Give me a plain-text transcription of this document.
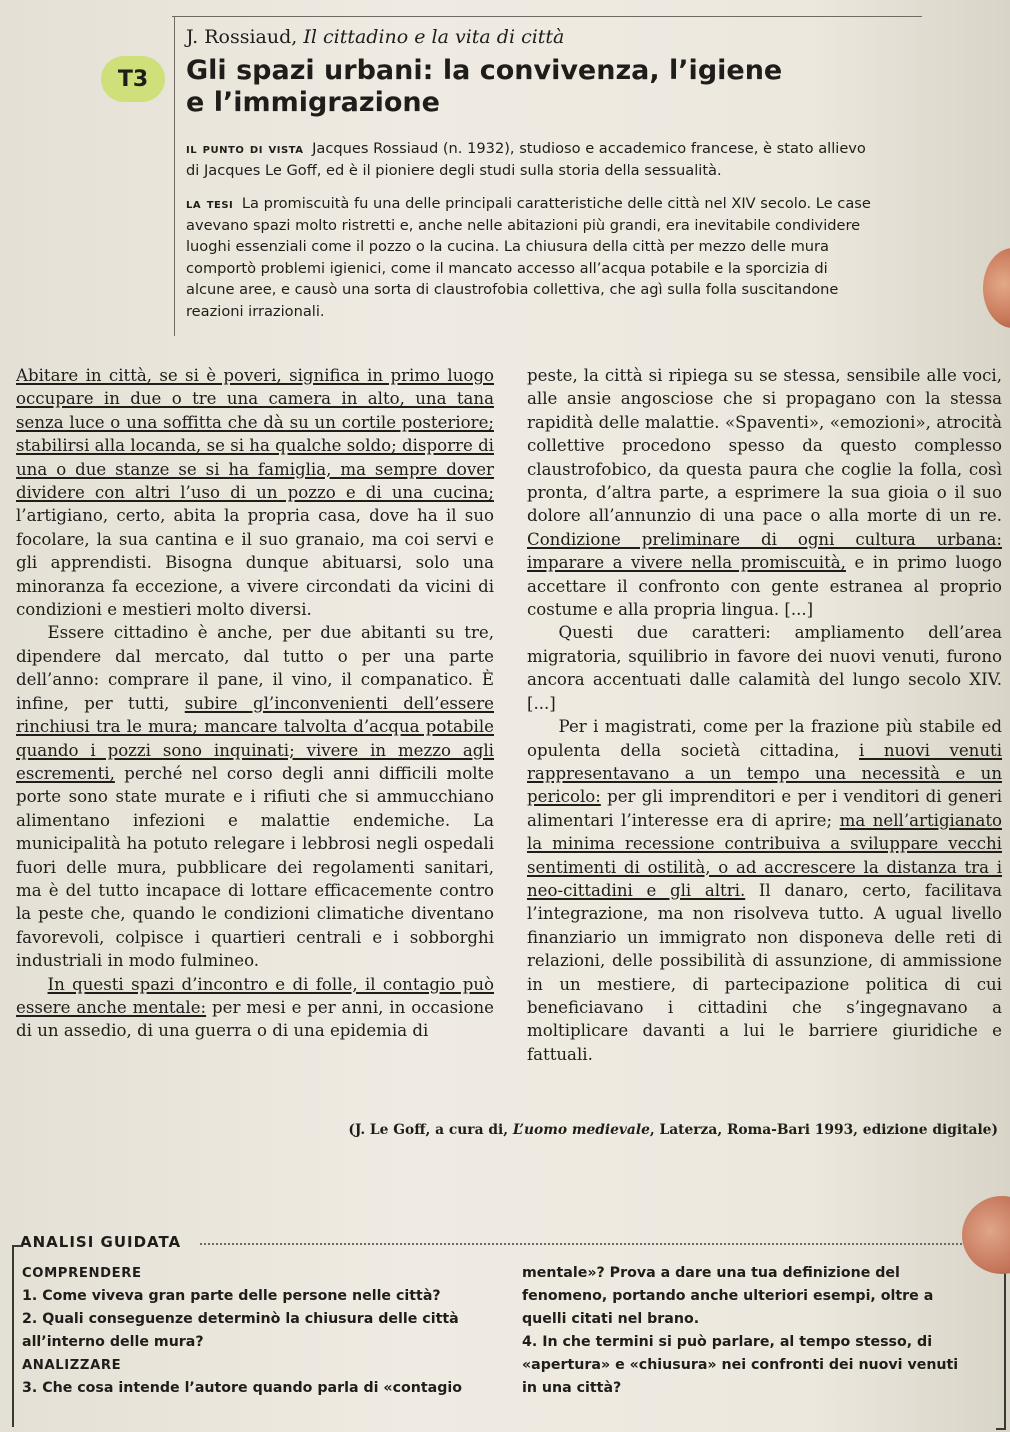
J. Rossiaud, Il cittadino e la vita di città
T3	Gli spazi urbani: la convivenza, l’igiene
e l’immigrazione
il punto di vista Jacques Rossiaud (n. 1932), studioso e accademico francese, è stato allievo di Jacques Le Goff, ed è il pioniere degli studi sulla storia della sessualità.
la tesi La promiscuità fu una delle principali caratteristiche delle città nel XIV secolo. Le case avevano spazi molto ristretti e, anche nelle abitazioni più grandi, era inevitabile condividere luoghi essenziali come il pozzo o la cucina. La chiusura della città per mezzo delle mura comportò problemi igienici, come il mancato accesso all’acqua potabile e la sporcizia di alcune aree, e causò una sorta di claustrofobia collettiva, che agì sulla folla suscitandone reazioni irrazionali.

Abitare in città, se si è poveri, significa in primo luogo occupare in due o tre una camera in alto, una tana senza luce o una soffitta che dà su un cortile posteriore; stabilirsi alla locanda, se si ha qualche soldo; disporre di una o due stanze se si ha famiglia, ma sempre dover dividere con altri l’uso di un pozzo e di una cucina; l’artigiano, certo, abita la propria casa, dove ha il suo focolare, la sua cantina e il suo granaio, ma coi servi e gli apprendisti. Bisogna dunque abituarsi, solo una minoranza fa eccezione, a vivere circondati da vicini di condizioni e mestieri molto diversi.

Essere cittadino è anche, per due abitanti su tre, dipendere dal mercato, dal tutto o per una parte dell’anno: comprare il pane, il vino, il companatico. È infine, per tutti, subire gl’inconvenienti dell’essere rinchiusi tra le mura; mancare talvolta d’acqua potabile quando i pozzi sono inquinati; vivere in mezzo agli escrementi, perché nel corso degli anni difficili molte porte sono state murate e i rifiuti che si ammucchiano alimentano infezioni e malattie endemiche. La municipalità ha potuto relegare i lebbrosi negli ospedali fuori delle mura, pubblicare dei regolamenti sanitari, ma è del tutto incapace di lottare efficacemente contro la peste che, quando le condizioni climatiche diventano favorevoli, colpisce i quartieri centrali e i sobborghi industriali in modo fulmineo.

In questi spazi d’incontro e di folle, il contagio può essere anche mentale: per mesi e per anni, in occasione di un assedio, di una guerra o di una epidemia di

peste, la città si ripiega su se stessa, sensibile alle voci, alle ansie angosciose che si propagano con la stessa rapidità delle malattie. «Spaventi», «emozioni», atrocità collettive procedono spesso da questo complesso claustrofobico, da questa paura che coglie la folla, così pronta, d’altra parte, a esprimere la sua gioia o il suo dolore all’annunzio di una pace o alla morte di un re. Condizione preliminare di ogni cultura urbana: imparare a vivere nella promiscuità, e in primo luogo accettare il confronto con gente estranea al proprio costume e alla propria lingua. [...]

Questi due caratteri: ampliamento dell’area migratoria, squilibrio in favore dei nuovi venuti, furono ancora accentuati dalle calamità del lungo secolo XIV. [...]

Per i magistrati, come per la frazione più stabile ed opulenta della società cittadina, i nuovi venuti rappresentavano a un tempo una necessità e un pericolo: per gli imprenditori e per i venditori di generi alimentari l’interesse era di aprire; ma nell’artigianato la minima recessione contribuiva a sviluppare vecchi sentimenti di ostilità, o ad accrescere la distanza tra i neo-cittadini e gli altri. Il danaro, certo, facilitava l’integrazione, ma non risolveva tutto. A ugual livello finanziario un immigrato non disponeva delle reti di relazioni, delle possibilità di assunzione, di ammissione in un mestiere, di partecipazione politica di cui beneficiavano i cittadini che s’ingegnavano a moltiplicare davanti a lui le barriere giuridiche e fattuali.

(J. Le Goff, a cura di, L’uomo medievale, Laterza, Roma-Bari 1993, edizione digitale)
ANALISI GUIDATA
COMPRENDERE
1. Come viveva gran parte delle persone nelle città?
2. Quali conseguenze determinò la chiusura delle città all’interno delle mura?
ANALIZZARE
3. Che cosa intende l’autore quando parla di «contagio
mentale»? Prova a dare una tua definizione del fenomeno, portando anche ulteriori esempi, oltre a quelli citati nel brano.
4. In che termini si può parlare, al tempo stesso, di «apertura» e «chiusura» nei confronti dei nuovi venuti in una città?
